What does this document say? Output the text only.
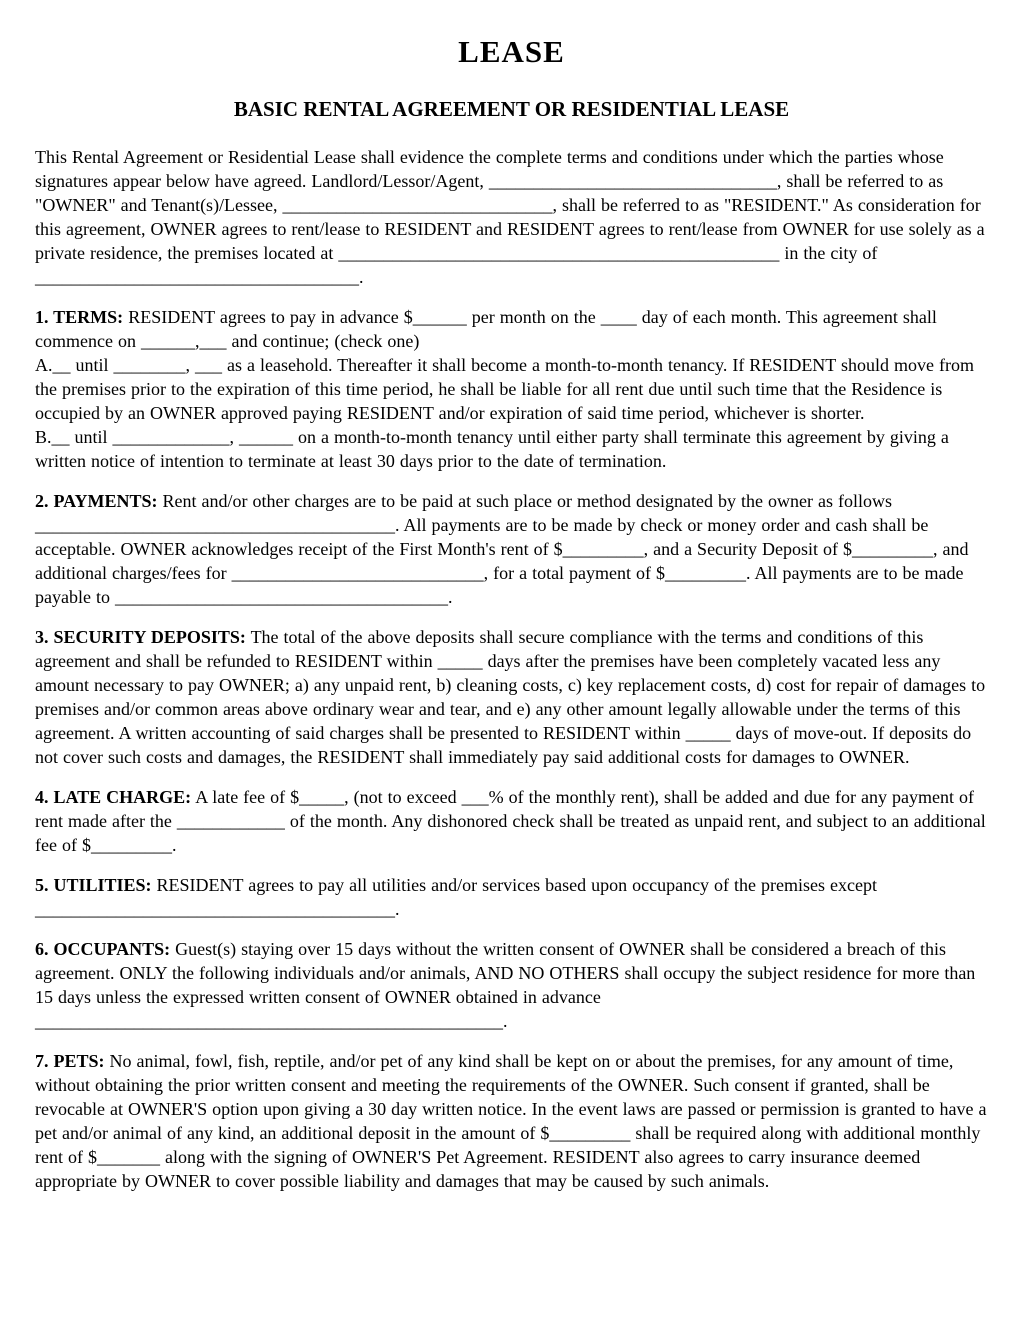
LEASE
BASIC RENTAL AGREEMENT OR RESIDENTIAL LEASE

This Rental Agreement or Residential Lease shall evidence the complete terms and conditions under which the parties whose signatures appear below have agreed. Landlord/Lessor/Agent, ________________________________, shall be referred to as "OWNER" and Tenant(s)/Lessee, ______________________________, shall be referred to as "RESIDENT." As consideration for this agreement, OWNER agrees to rent/lease to RESIDENT and RESIDENT agrees to rent/lease from OWNER for use solely as a private residence, the premises located at _________________________________________________ in the city of ____________________________________.

1. TERMS: RESIDENT agrees to pay in advance $______ per month on the ____ day of each month. This agreement shall commence on ______,___ and continue; (check one)

A.__ until ________, ___ as a leasehold. Thereafter it shall become a month-to-month tenancy. If RESIDENT should move from the premises prior to the expiration of this time period, he shall be liable for all rent due until such time that the Residence is occupied by an OWNER approved paying RESIDENT and/or expiration of said time period, whichever is shorter.

B.__ until _____________, ______ on a month-to-month tenancy until either party shall terminate this agreement by giving a written notice of intention to terminate at least 30 days prior to the date of termination.

2. PAYMENTS: Rent and/or other charges are to be paid at such place or method designated by the owner as follows ________________________________________. All payments are to be made by check or money order and cash shall be acceptable. OWNER acknowledges receipt of the First Month's rent of $_________, and a Security Deposit of $_________, and additional charges/fees for ____________________________, for a total payment of $_________. All payments are to be made payable to _____________________________________.

3. SECURITY DEPOSITS: The total of the above deposits shall secure compliance with the terms and conditions of this agreement and shall be refunded to RESIDENT within _____ days after the premises have been completely vacated less any amount necessary to pay OWNER; a) any unpaid rent, b) cleaning costs, c) key replacement costs, d) cost for repair of damages to premises and/or common areas above ordinary wear and tear, and e) any other amount legally allowable under the terms of this agreement. A written accounting of said charges shall be presented to RESIDENT within _____ days of move-out. If deposits do not cover such costs and damages, the RESIDENT shall immediately pay said additional costs for damages to OWNER.

4. LATE CHARGE: A late fee of $_____, (not to exceed ___% of the monthly rent), shall be added and due for any payment of rent made after the ____________ of the month. Any dishonored check shall be treated as unpaid rent, and subject to an additional fee of $_________.

5. UTILITIES: RESIDENT agrees to pay all utilities and/or services based upon occupancy of the premises except ________________________________________.

6. OCCUPANTS: Guest(s) staying over 15 days without the written consent of OWNER shall be considered a breach of this agreement. ONLY the following individuals and/or animals, AND NO OTHERS shall occupy the subject residence for more than 15 days unless the expressed written consent of OWNER obtained in advance ____________________________________________________.

7. PETS: No animal, fowl, fish, reptile, and/or pet of any kind shall be kept on or about the premises, for any amount of time, without obtaining the prior written consent and meeting the requirements of the OWNER. Such consent if granted, shall be revocable at OWNER'S option upon giving a 30 day written notice. In the event laws are passed or permission is granted to have a pet and/or animal of any kind, an additional deposit in the amount of $_________ shall be required along with additional monthly rent of $_______ along with the signing of OWNER'S Pet Agreement. RESIDENT also agrees to carry insurance deemed appropriate by OWNER to cover possible liability and damages that may be caused by such animals.
